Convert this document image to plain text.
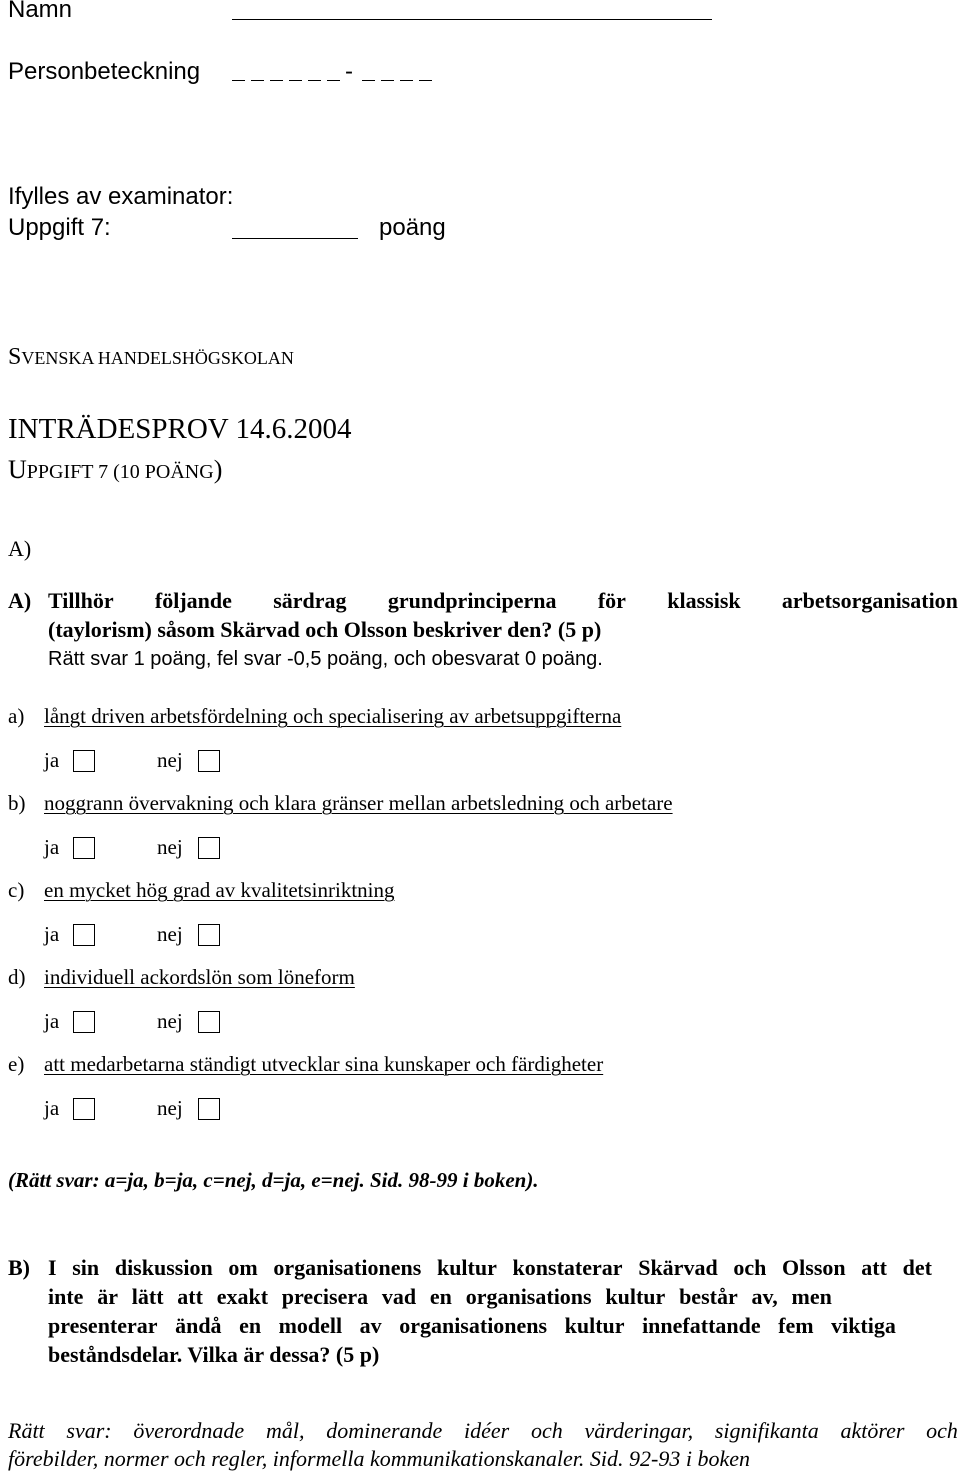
Namn
Personbeteckning	-
Ifylles av examinator:
Uppgift 7:	poäng
SVENSKA HANDELSHÖGSKOLAN
INTRÄDESPROV 14.6.2004
UPPGIFT 7 (10 POÄNG)
A)
A) Tillhör följande särdrag grundprinciperna för klassisk arbetsorganisation
(taylorism) såsom Skärvad och Olsson beskriver den? (5 p)
Rätt svar 1 poäng, fel svar -0,5 poäng, och obesvarat 0 poäng.
a) långt driven arbetsfördelning och specialisering av arbetsuppgifterna
ja	nej
b) noggrann övervakning och klara gränser mellan arbetsledning och arbetare
ja	nej
c) en mycket hög grad av kvalitetsinriktning
ja	nej
d) individuell ackordslön som löneform
ja	nej
e) att medarbetarna ständigt utvecklar sina kunskaper och färdigheter
ja	nej
(Rätt svar: a=ja, b=ja, c=nej, d=ja, e=nej. Sid. 98-99 i boken).
B) I sin diskussion om organisationens kultur konstaterar Skärvad och Olsson att det
inte är lätt att exakt precisera vad en organisations kultur består av, men
presenterar ändå en modell av organisationens kultur innefattande fem viktiga
beståndsdelar. Vilka är dessa? (5 p)
Rätt svar: överordnade mål, dominerande idéer och värderingar, signifikanta aktörer och
förebilder, normer och regler, informella kommunikationskanaler. Sid. 92-93 i boken
